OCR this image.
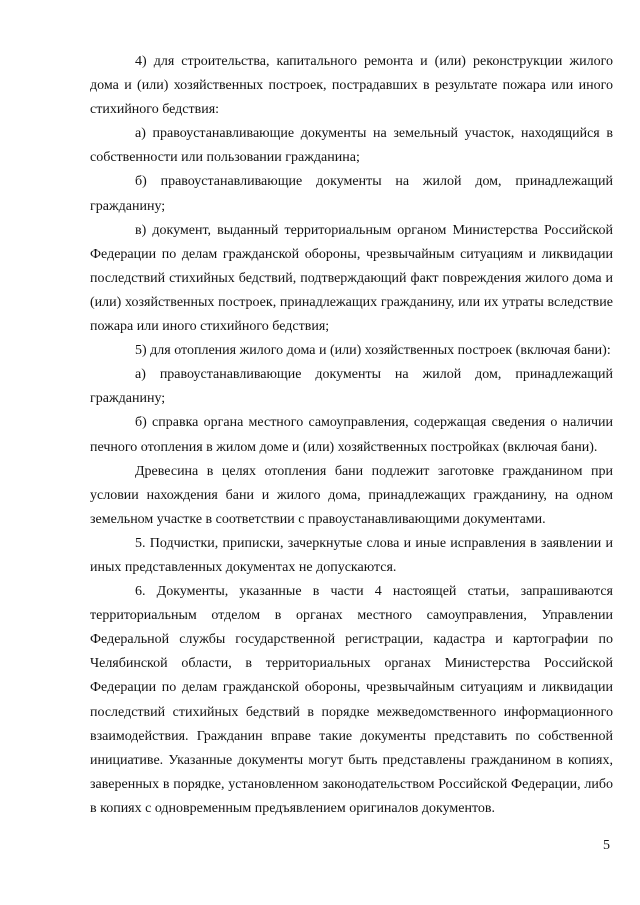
4) для строительства, капитального ремонта и (или) реконструкции жилого дома и (или) хозяйственных построек, пострадавших в результате пожара или иного стихийного бедствия:

а) правоустанавливающие документы на земельный участок, находящийся в собственности или пользовании гражданина;

б) правоустанавливающие документы на жилой дом, принадлежащий гражданину;

в) документ, выданный территориальным органом Министерства Российской Федерации по делам гражданской обороны, чрезвычайным ситуациям и ликвидации последствий стихийных бедствий, подтверждающий факт повреждения жилого дома и (или) хозяйственных построек, принадлежащих гражданину, или их утраты вследствие пожара или иного стихийного бедствия;

5) для отопления жилого дома и (или) хозяйственных построек (включая бани):

а) правоустанавливающие документы на жилой дом, принадлежащий гражданину;

б) справка органа местного самоуправления, содержащая сведения о наличии печного отопления в жилом доме и (или) хозяйственных постройках (включая бани).

Древесина в целях отопления бани подлежит заготовке гражданином при условии нахождения бани и жилого дома, принадлежащих гражданину, на одном земельном участке в соответствии с правоустанавливающими документами.

5. Подчистки, приписки, зачеркнутые слова и иные исправления в заявлении и иных представленных документах не допускаются.

6. Документы, указанные в части 4 настоящей статьи, запрашиваются территориальным отделом в органах местного самоуправления, Управлении Федеральной службы государственной регистрации, кадастра и картографии по Челябинской области, в территориальных органах Министерства Российской Федерации по делам гражданской обороны, чрезвычайным ситуациям и ликвидации последствий стихийных бедствий в порядке межведомственного информационного взаимодействия. Гражданин вправе такие документы представить по собственной инициативе. Указанные документы могут быть представлены гражданином в копиях, заверенных в порядке, установленном законодательством Российской Федерации, либо в копиях с одновременным предъявлением оригиналов документов.

5
